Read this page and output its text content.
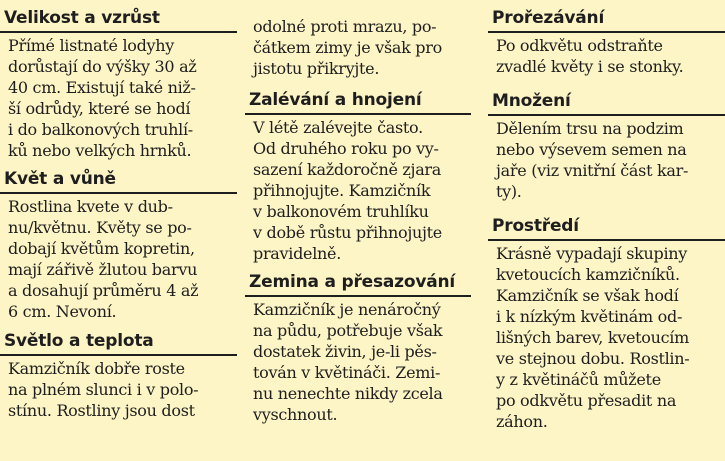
Velikost a vzrůst

Přímé listnaté lodyhy
dorůstají do výšky 30 až
40 cm. Existují také niž-
ší odrůdy, které se hodí
i do balkonových truhlí-
ků nebo velkých hrnků.

Květ a vůně

Rostlina kvete v dub-
nu/květnu. Květy se po-
dobají květům kopretin,
mají zářivě žlutou barvu
a dosahují průměru 4 až
6 cm. Nevoní.

Světlo a teplota

Kamzičník dobře roste
na plném slunci i v polo-
stínu. Rostliny jsou dost

odolné proti mrazu, po-
čátkem zimy je však pro
jistotu přikryjte.

Zalévání a hnojení

V létě zalévejte často.
Od druhého roku po vy-
sazení každoročně zjara
přihnojujte. Kamzičník
v balkonovém truhlíku
v době růstu přihnojujte
pravidelně.

Zemina a přesazování

Kamzičník je nenáročný
na půdu, potřebuje však
dostatek živin, je-li pěs-
tován v květináči. Zemi-
nu nenechte nikdy zcela
vyschnout.

Prořezávání

Po odkvětu odstraňte
zvadlé květy i se stonky.

Množení

Dělením trsu na podzim
nebo výsevem semen na
jaře (viz vnitřní část kar-
ty).

Prostředí

Krásně vypadají skupiny
kvetoucích kamzičníků.
Kamzičník se však hodí
i k nízkým květinám od-
lišných barev, kvetoucím
ve stejnou dobu. Rostlin-
y z květináčů můžete
po odkvětu přesadit na
záhon.
